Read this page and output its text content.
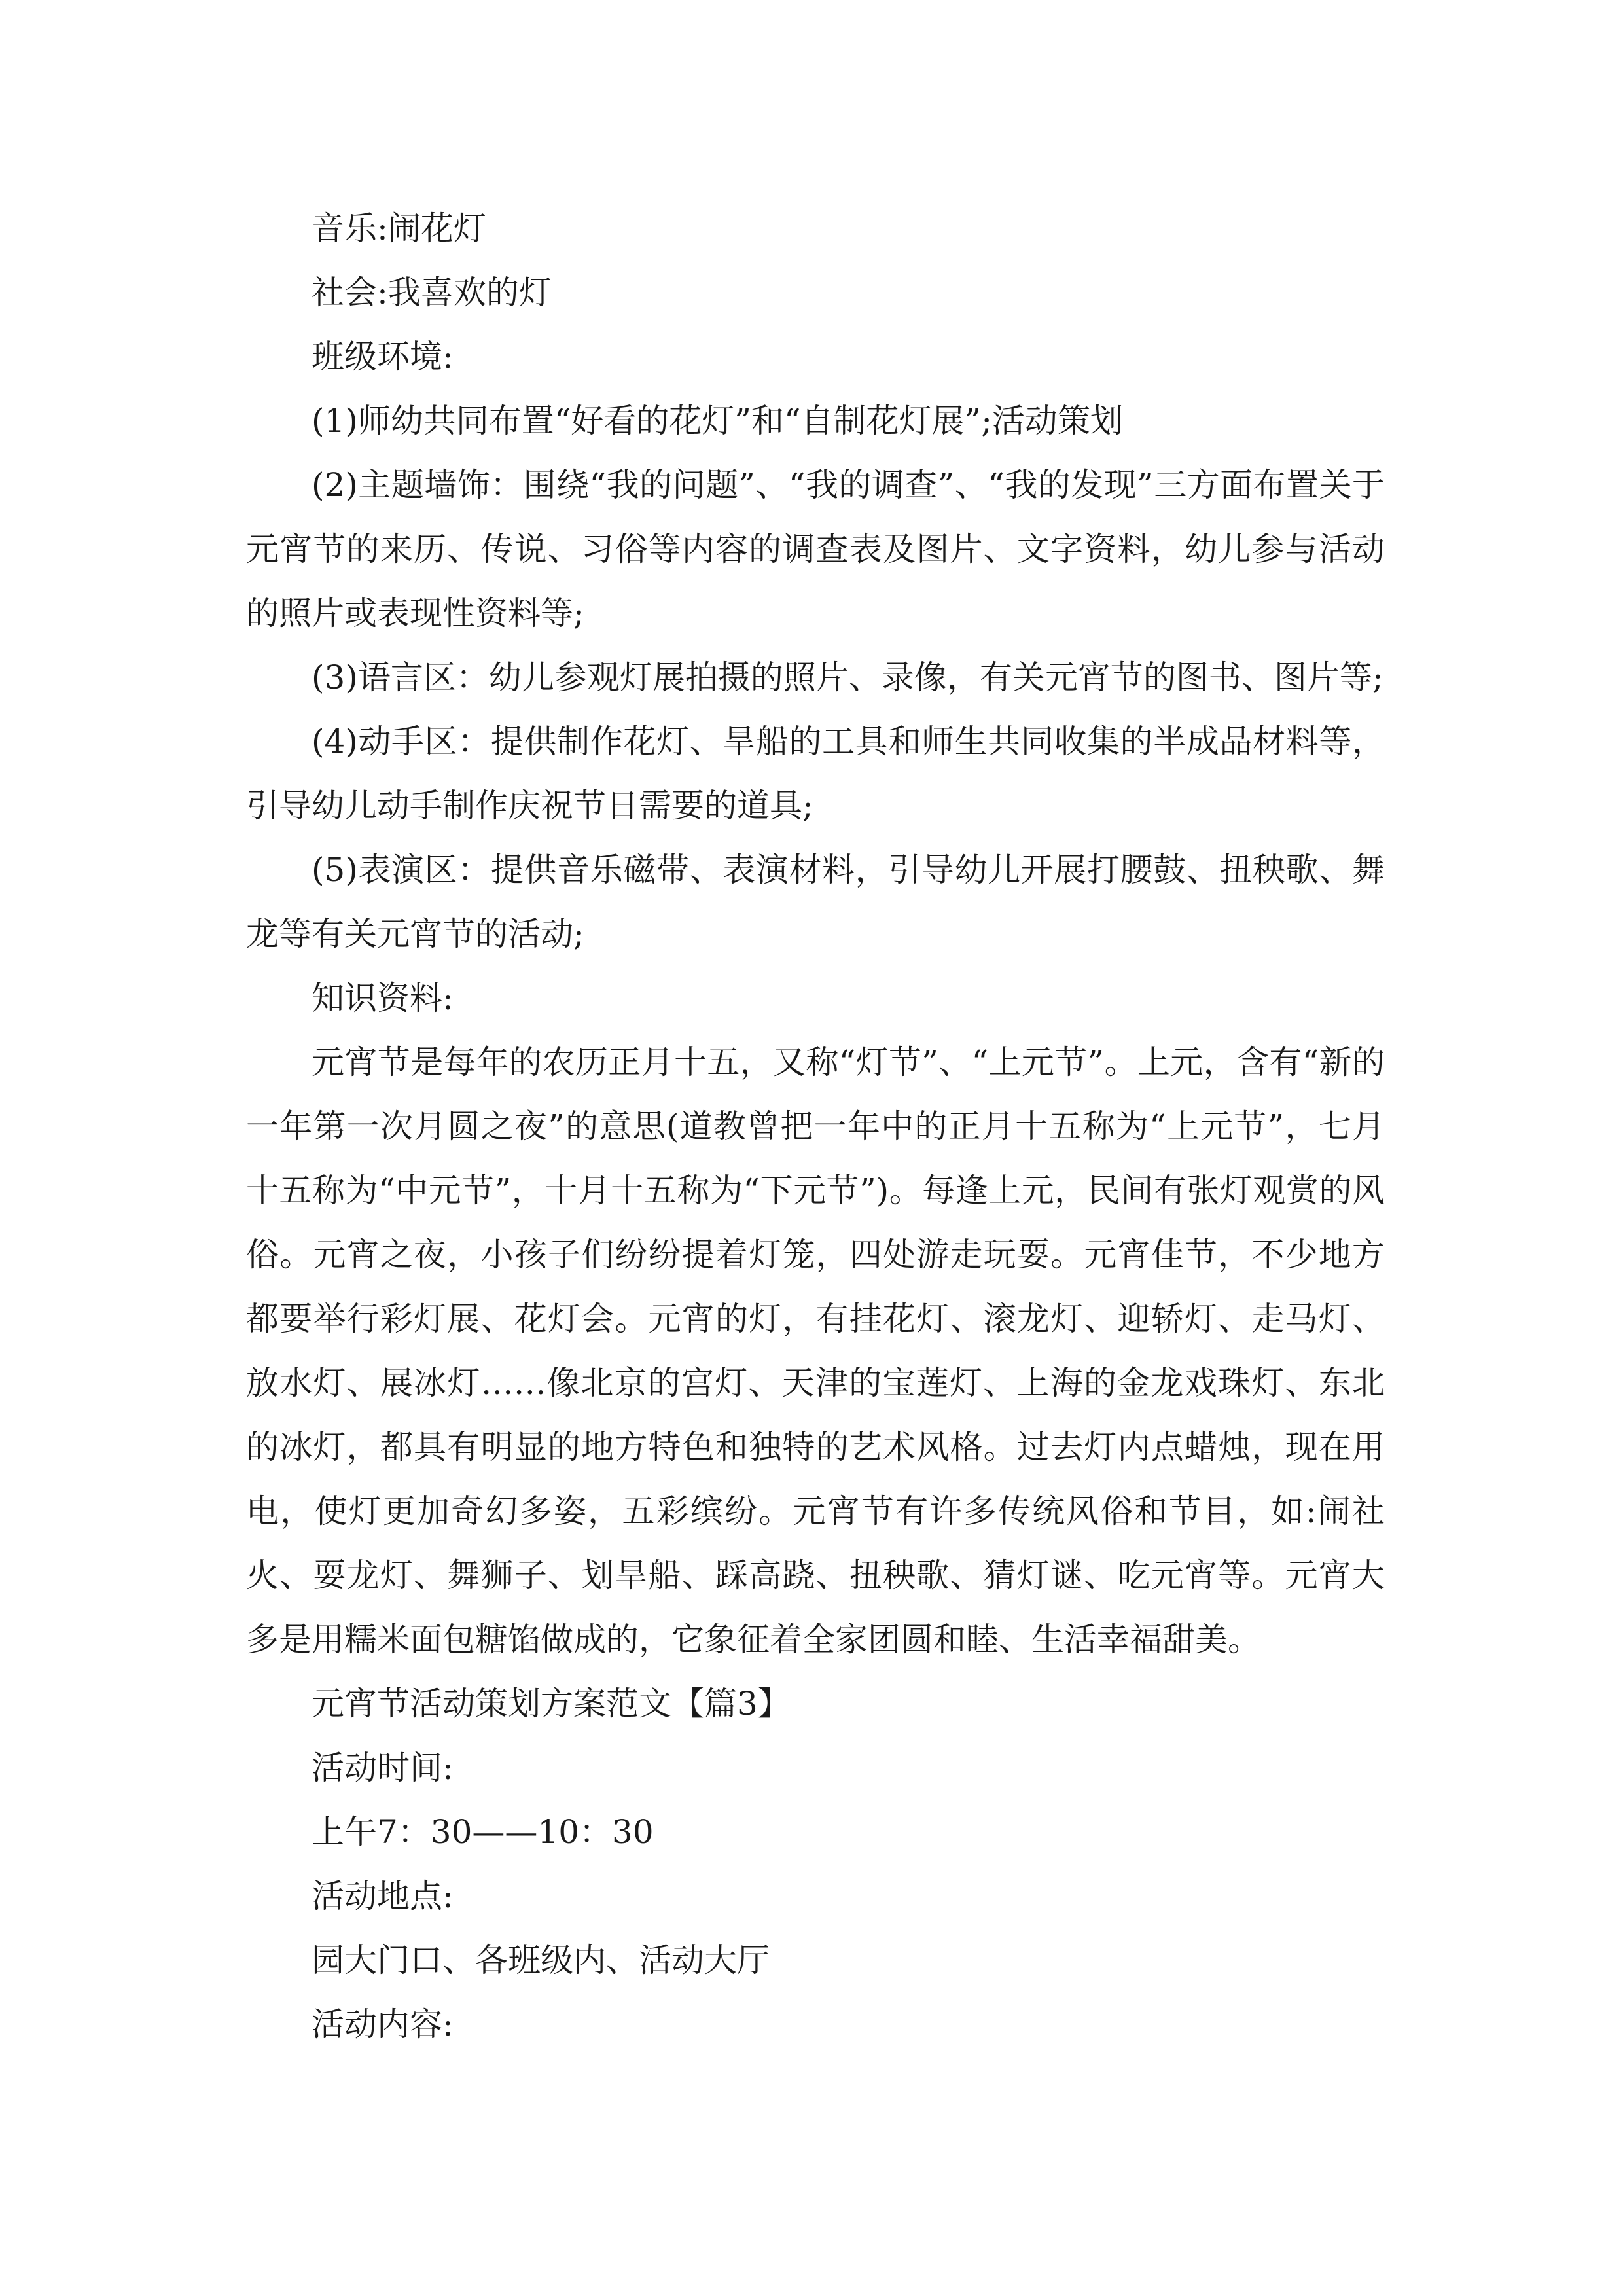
音乐:闹花灯

社会:我喜欢的灯

班级环境:

(1)师幼共同布置“好看的花灯”和“自制花灯展”;活动策划

(2)主题墙饰：围绕“我的问题”、“我的调查”、“我的发现”三方面布置关于元宵节的来历、传说、习俗等内容的调查表及图片、文字资料，幼儿参与活动的照片或表现性资料等;

(3)语言区：幼儿参观灯展拍摄的照片、录像，有关元宵节的图书、图片等;

(4)动手区：提供制作花灯、旱船的工具和师生共同收集的半成品材料等，引导幼儿动手制作庆祝节日需要的道具;

(5)表演区：提供音乐磁带、表演材料，引导幼儿开展打腰鼓、扭秧歌、舞龙等有关元宵节的活动;

知识资料:

元宵节是每年的农历正月十五，又称“灯节”、“上元节”。上元，含有“新的一年第一次月圆之夜”的意思(道教曾把一年中的正月十五称为“上元节”，七月十五称为“中元节”，十月十五称为“下元节”)。每逢上元，民间有张灯观赏的风俗。元宵之夜，小孩子们纷纷提着灯笼，四处游走玩耍。元宵佳节，不少地方都要举行彩灯展、花灯会。元宵的灯，有挂花灯、滚龙灯、迎轿灯、走马灯、放水灯、展冰灯……像北京的宫灯、天津的宝莲灯、上海的金龙戏珠灯、东北的冰灯，都具有明显的地方特色和独特的艺术风格。过去灯内点蜡烛，现在用电，使灯更加奇幻多姿，五彩缤纷。元宵节有许多传统风俗和节目，如:闹社火、耍龙灯、舞狮子、划旱船、踩高跷、扭秧歌、猜灯谜、吃元宵等。元宵大多是用糯米面包糖馅做成的，它象征着全家团圆和睦、生活幸福甜美。

元宵节活动策划方案范文【篇3】

活动时间:

上午7：30——10：30

活动地点:

园大门口、各班级内、活动大厅

活动内容:
